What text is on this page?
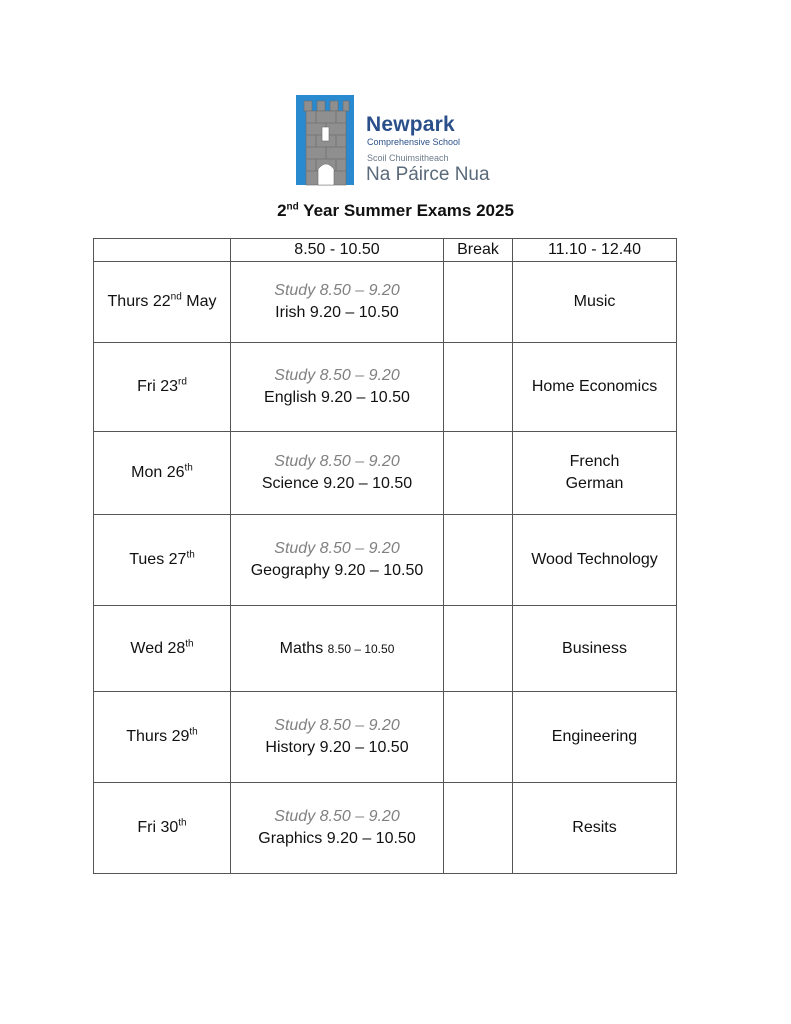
Newpark
Comprehensive School
Scoil Chuimsitheach
Na Páirce Nua
2nd Year Summer Exams 2025
	8.50 - 10.50	Break	11.10 - 12.40
Thurs 22nd May	Study 8.50 – 9.20
Irish 9.20 – 10.50		Music

Fri 23rd	Study 8.50 – 9.20
English 9.20 – 10.50		Home Economics

Mon 26th	Study 8.50 – 9.20
Science 9.20 – 10.50		French
German

Tues 27th	Study 8.50 – 9.20
Geography 9.20 – 10.50		Wood Technology

Wed 28th	Maths 8.50 – 10.50		Business

Thurs 29th	Study 8.50 – 9.20
History 9.20 – 10.50		Engineering

Fri 30th	Study 8.50 – 9.20
Graphics 9.20 – 10.50		Resits
